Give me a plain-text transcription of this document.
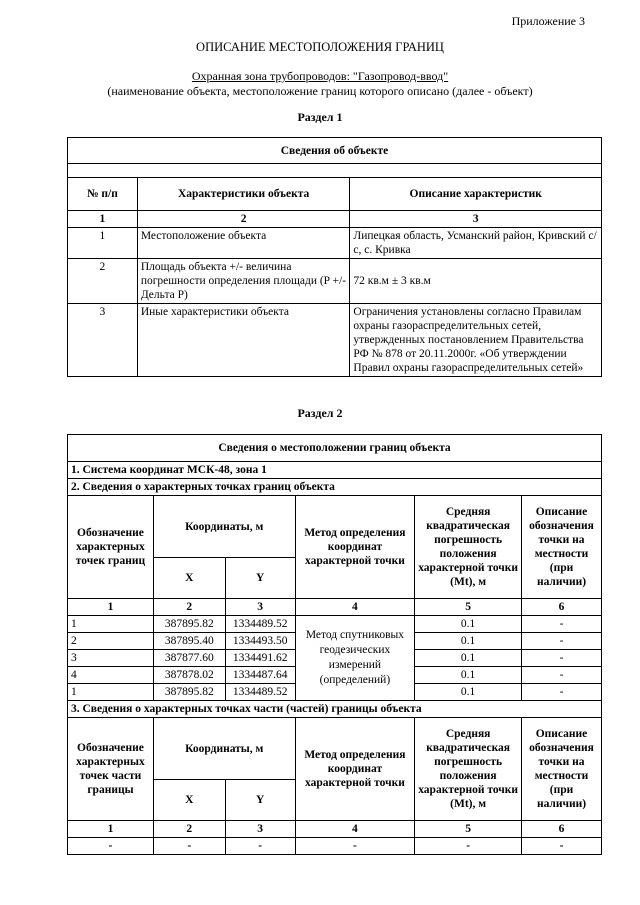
Приложение 3
ОПИСАНИЕ МЕСТОПОЛОЖЕНИЯ ГРАНИЦ
Охранная зона трубопроводов: "Газопровод-ввод"
(наименование объекта, местоположение границ которого описано (далее - объект)
Раздел 1
Сведения об объекте		

№ п/п	Характеристики объекта	Описание характеристик
1	2	3
1	Местоположение объекта	Липецкая область, Усманский район, Кривский с/с, с. Кривка
2	Площадь объекта +/- величина погрешности определения площади (P +/- Дельта P)	72 кв.м ± 3 кв.м
3	Иные характеристики объекта	Ограничения установлены согласно Правилам охраны газораспределительных сетей, утвержденных постановлением Правительства РФ № 878 от 20.11.2000г. «Об утверждении Правил охраны газораспределительных сетей»
Раздел 2
Сведения о местоположении границ объекта					
1. Система координат МСК-48, зона 1					
2. Сведения о характерных точках границ объекта					
Обозначение характерных точек границ	Координаты, м		Метод определения координат характерной точки	Средняя квадратическая погрешность положения характерной точки (Mt), м	Описание обозначения точки на местности (при наличии)
	X	Y			
1	2	3	4	5	6
1	387895.82	1334489.52	Метод спутниковых геодезических измерений (определений)	0.1	-
2	387895.40	1334493.50		0.1	-
3	387877.60	1334491.62		0.1	-
4	387878.02	1334487.64		0.1	-
1	387895.82	1334489.52		0.1	-
3. Сведения о характерных точках части (частей) границы объекта					
Обозначение характерных точек части границы	Координаты, м		Метод определения координат характерной точки	Средняя квадратическая погрешность положения характерной точки (Mt), м	Описание обозначения точки на местности (при наличии)
	X	Y			
1	2	3	4	5	6
-	-	-	-	-	-
